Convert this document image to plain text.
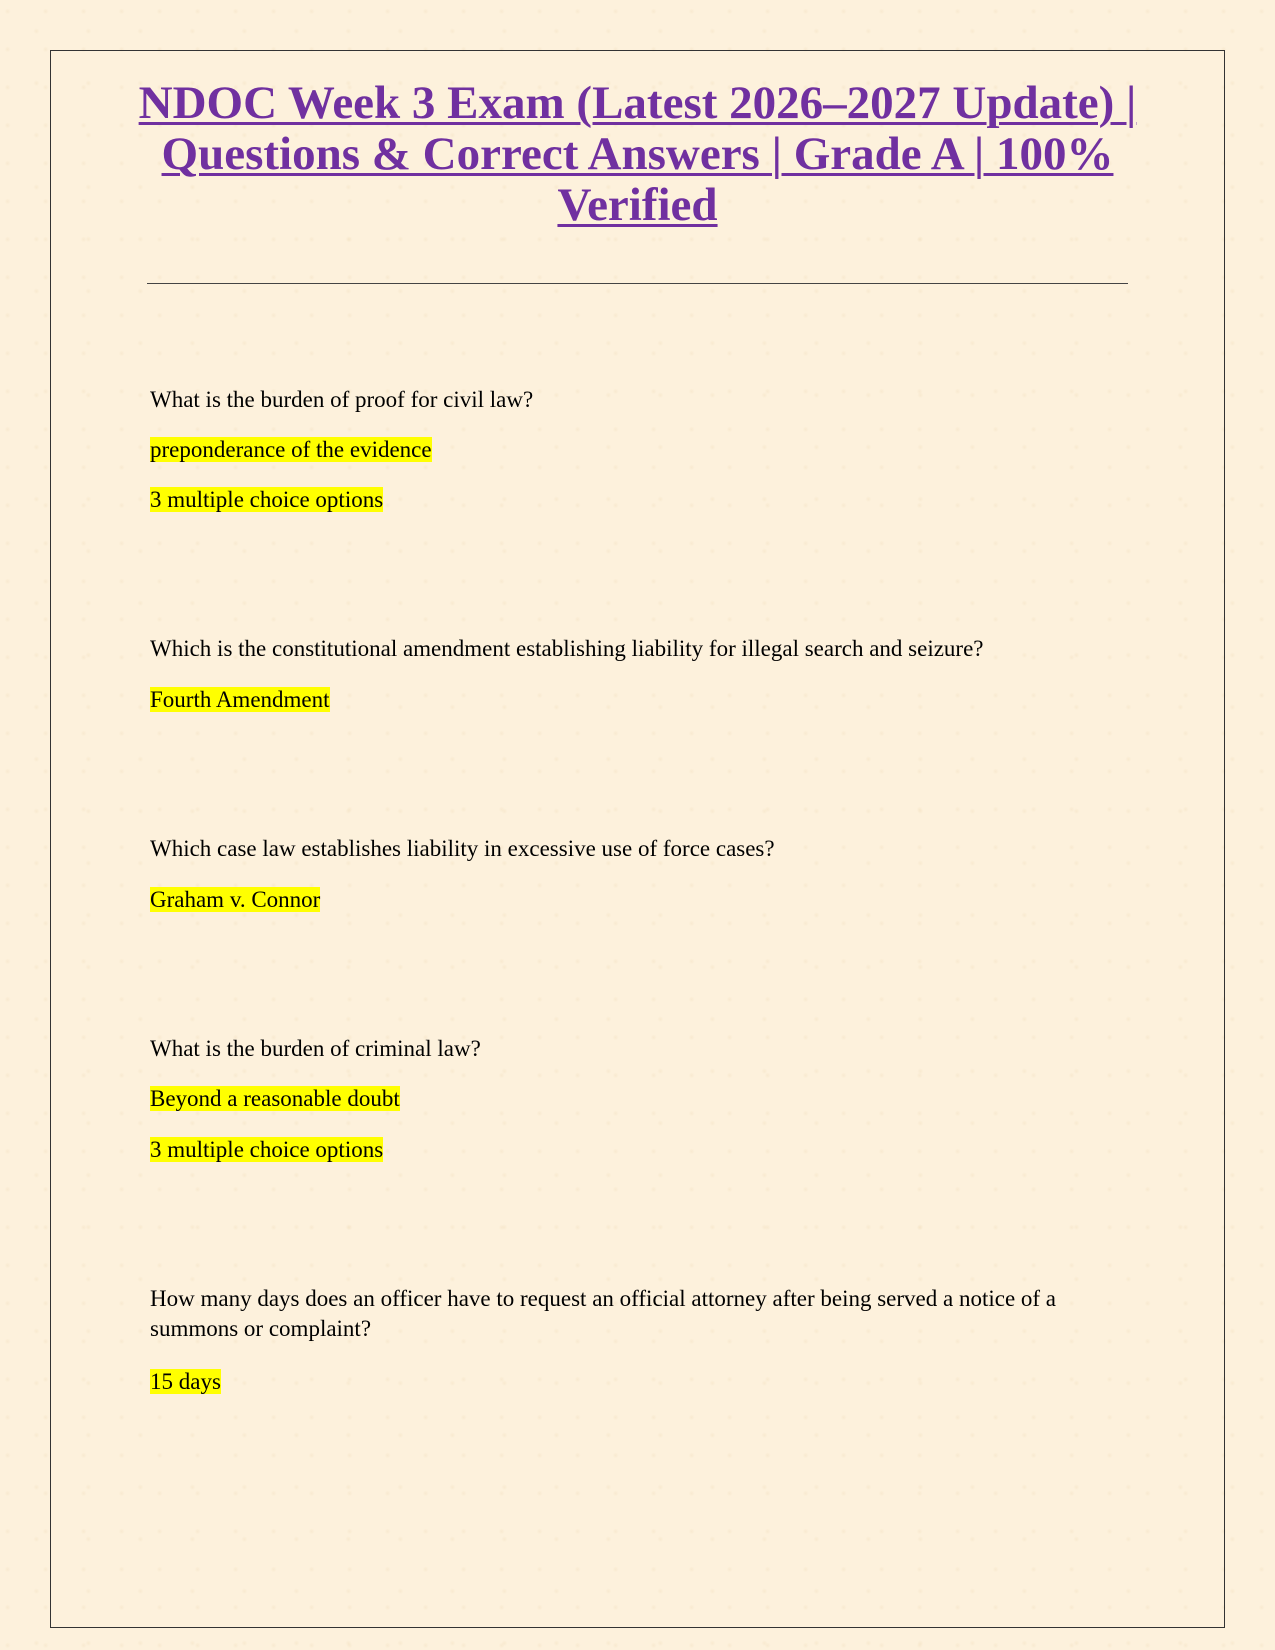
NDOC Week 3 Exam (Latest 2026–2027 Update) | Questions & Correct Answers | Grade A | 100% Verified

What is the burden of proof for civil law?

preponderance of the evidence

3 multiple choice options

Which is the constitutional amendment establishing liability for illegal search and seizure?

Fourth Amendment

Which case law establishes liability in excessive use of force cases?

Graham v. Connor

What is the burden of criminal law?

Beyond a reasonable doubt

3 multiple choice options

How many days does an officer have to request an official attorney after being served a notice of a summons or complaint?

15 days
